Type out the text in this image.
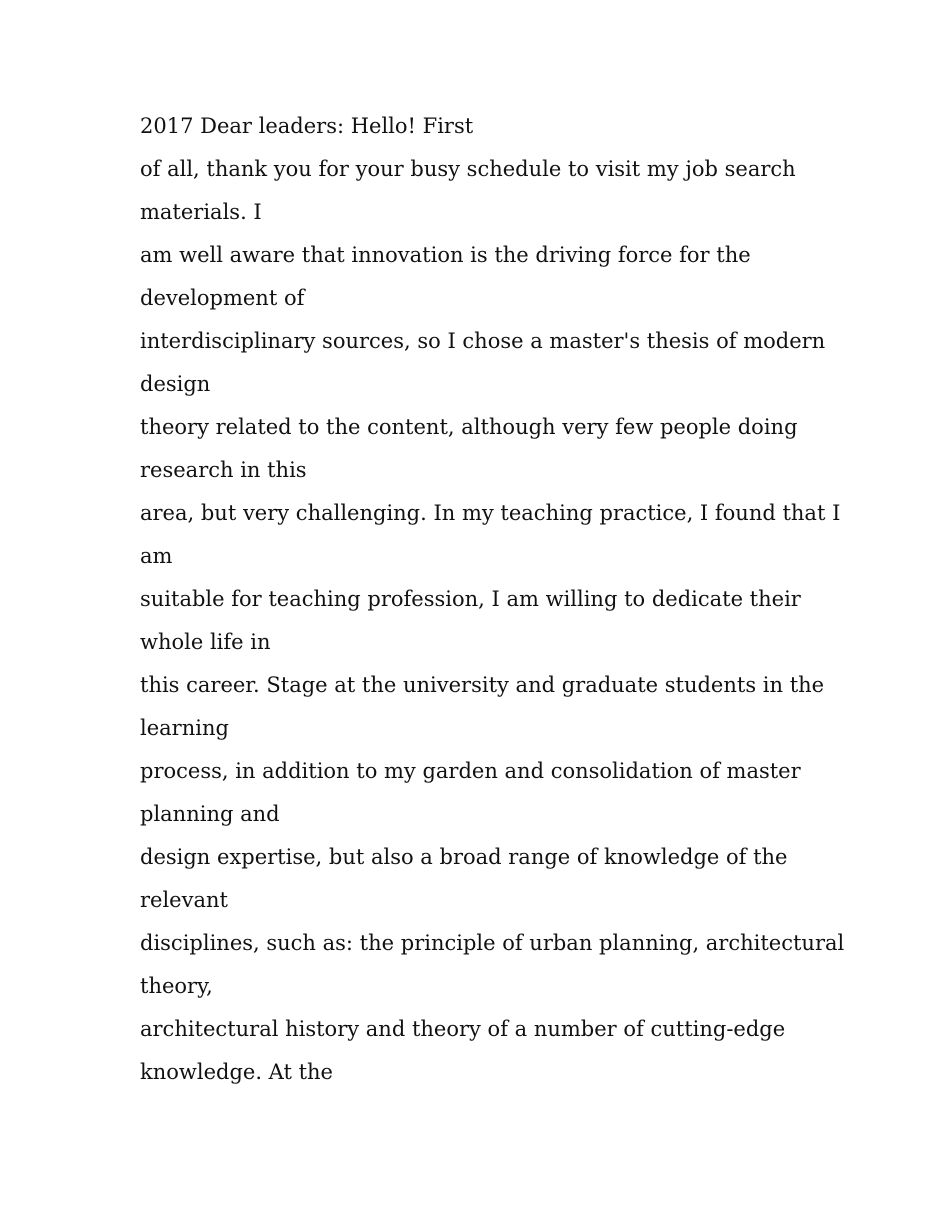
2017 Dear leaders: Hello! First
of all, thank you for your busy schedule to visit my job search
materials. I
am well aware that innovation is the driving force for the
development of
interdisciplinary sources, so I chose a master's thesis of modern
design
theory related to the content, although very few people doing
research in this
area, but very challenging. In my teaching practice, I found that I
am
suitable for teaching profession, I am willing to dedicate their
whole life in
this career. Stage at the university and graduate students in the
learning
process, in addition to my garden and consolidation of master
planning and
design expertise, but also a broad range of knowledge of the
relevant
disciplines, such as: the principle of urban planning, architectural
theory,
architectural history and theory of a number of cutting-edge
knowledge. At the
